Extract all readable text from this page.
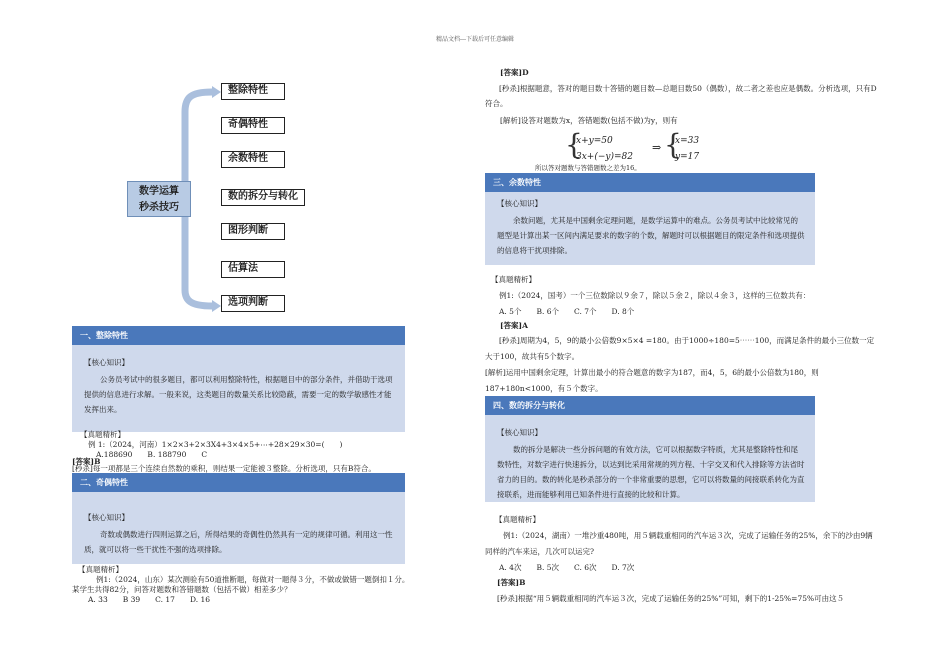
精品文档---下载后可任意编辑
数学运算
秒杀技巧
整除特性
奇偶特性
余数特性
数的拆分与转化
图形判断
估算法
选项判断
一、整除特性
【核心知识】
公务员考试中的很多题目，都可以利用整除特性，根据题目中的部分条件，并借助于选项提供的信息进行求解。一般来说，这类题目的数量关系比较隐蔽，需要一定的数学敏感性才能发挥出来。
【真题精析】
例 1:（2024，河南）1×2×3+2×3X4+3×4×5+⋯+28×29×30=(　　)
A.188690　　B. 188790　　C
[答案]B
[秒杀]每一项都是三个连续自然数的乘积，则结果一定能被３整除。分析选项，只有B符合。
二、奇偶特性
【核心知识】
奇数或偶数进行四则运算之后，所得结果的奇偶性仍然具有一定的规律可循。利用这一性质，就可以将一些干扰性不强的选项排除。
【真题精析】
例1:（2024，山东）某次测验有50道推断题，每做对一题得３分，不做或做错一题倒扣１分。某学生共得82分，问答对题数和答错题数（包括不做）相差多少？
A. 33　　B 39　　C. 17　　D. 16
[答案]D
[秒杀]根据题意，答对的题目数十答错的题目数—总题目数50（偶数），故二者之差也应是偶数。分析选项，只有D符合。
[解析]设答对题数为x，答错题数(包括不做)为y，则有
{
x+y=50
3x+(−y)=82
⇒ {
x=33
y=17
所以答对题数与答错题数之差为16。
三、余数特性
【核心知识】
余数问题，尤其是中国剩余定理问题，是数学运算中的难点。公务员考试中比较常见的题型是计算出某一区间内满足要求的数字的个数，解题时可以根据题目的限定条件和选项提供的信息将干扰项排除。
【真题精析】
例1:（2024，国考）一个三位数除以９余７，除以５余２，除以４余３，这样的三位数共有：
A. 5个　　B. 6个　　C. 7个　　D. 8个
[答案]A
[秒杀]周期为4，5，9的最小公倍数9×5×4 =180。由于1000÷180=5⋯⋯100，而满足条件的最小三位数一定大于100，故共有5个数字。
[解析]运用中国剩余定理，计算出最小的符合题意的数字为187，而4，5，6的最小公倍数为180，则187+180n<1000，有５个数字。
四、数的拆分与转化
【核心知识】
数的拆分是解决一些分拆问题的有效方法，它可以根据数字特质，尤其是整除特性和尾数特性，对数字进行快速拆分，以达到比采用常规的列方程、十字交叉和代入排除等方法省时省力的目的。数的转化是秒杀部分的一个非常重要的思想，它可以将数量的间接联系转化为直接联系，进而能够利用已知条件进行直接的比较和计算。
【真题精析】
例1:（2024，湖南）一堆沙重480吨，用５辆载重相同的汽车运３次，完成了运输任务的25%，余下的沙由9辆同样的汽车来运，几次可以运完?
A. 4次　　B. 5次　　C. 6次　　D. 7次
[答案]B
[秒杀]根据“用５辆载重相同的汽车运３次，完成了运输任务的25%”可知，剩下的1-25%=75%可由这５
